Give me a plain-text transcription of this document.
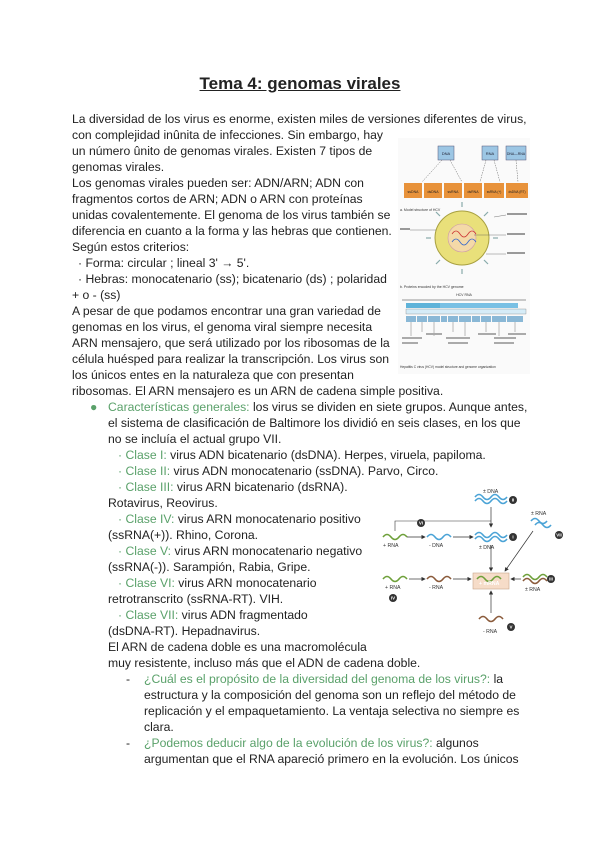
Tema 4: genomas virales
La diversidad de los virus es enorme, existen miles de versiones diferentes de virus,
con complejidad inûnita de infecciones. Sin embargo, hay
un número ûnito de genomas virales. Existen 7 tipos de
genomas virales.
Los genomas virales pueden ser: ADN/ARN; ADN con
fragmentos cortos de ARN; ADN o ARN con proteínas
unidas covalentemente. El genoma de los virus también se
diferencia en cuanto a la forma y las hebras que contienen.
Según estos criterios:
· Forma: circular ; lineal 3' → 5'.
· Hebras: monocatenario (ss); bicatenario (ds) ; polaridad
+ o - (ss)
A pesar de que podamos encontrar una gran variedad de
genomas en los virus, el genoma viral siempre necesita
ARN mensajero, que será utilizado por los ribosomas de la
célula huésped para realizar la transcripción. Los virus son
los únicos entes en la naturaleza que con presentan
ribosomas. El ARN mensajero es un ARN de cadena simple positiva.
● Características generales: los virus se dividen en siete grupos. Aunque antes,
el sistema de clasificación de Baltimore los dividió en seis clases, en los que
no se incluía el actual grupo VII.
· Clase I: virus ADN bicatenario (dsDNA). Herpes, viruela, papiloma.
· Clase II: virus ADN monocatenario (ssDNA). Parvo, Circo.
· Clase III: virus ARN bicatenario (dsRNA).
Rotavirus, Reovirus.
· Clase IV: virus ARN monocatenario positivo
(ssRNA(+)). Rhino, Corona.
· Clase V: virus ARN monocatenario negativo
(ssRNA(-)). Sarampión, Rabia, Gripe.
· Clase VI: virus ARN monocatenario
retrotranscrito (ssRNA-RT). VIH.
· Clase VII: virus ADN fragmentado
(dsDNA-RT). Hepadnavirus.
El ARN de cadena doble es una macromolécula
muy resistente, incluso más que el ADN de cadena doble.
- ¿Cuál es el propósito de la diversidad del genoma de los virus?: la
estructura y la composición del genoma son un reflejo del método de
replicación y el empaquetamiento. La ventaja selectiva no siempre es
clara.
- ¿Podemos deducir algo de la evolución de los virus?: algunos
argumentan que el RNA apareció primero en la evolución. Los únicos
DNA	RNA	DNA—RNA
ssDNA	dsDNA	ssRNA	dsRNA	ssRNA (+) dsDNA (RT)
a. Model structure of HCV
b. Proteins encoded by the HCV genome
HCV RNA
Hepatitis C virus (HCV) model structure and genome organization
± DNA
+ RNA	- DNA	± DNA
+ mRNA
± RNA
+ RNA	- RNA	± RNA
- RNA
I
II
III
IV
V
VI
VII
